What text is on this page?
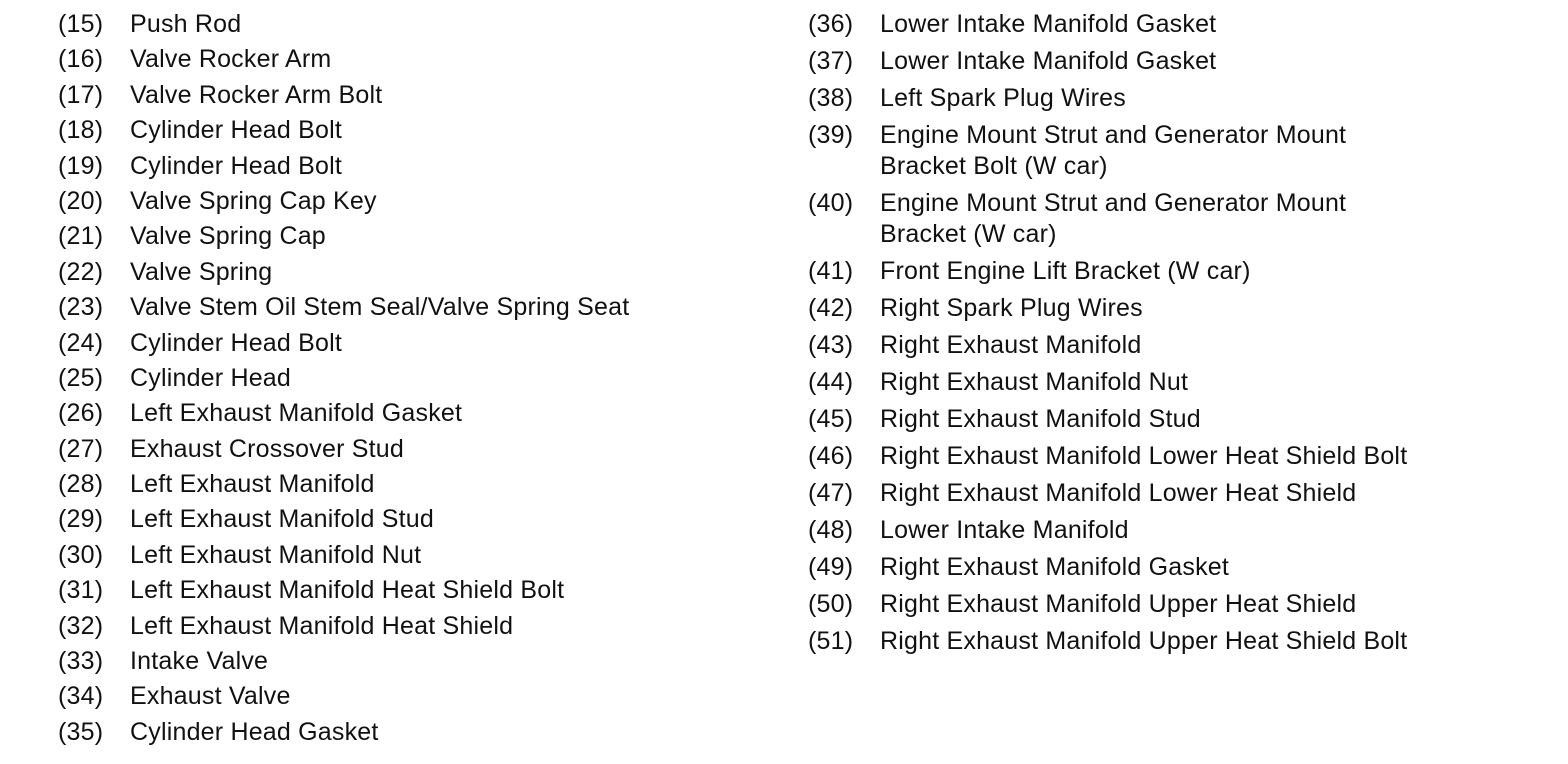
(15)	Push Rod
(16)	Valve Rocker Arm
(17)	Valve Rocker Arm Bolt
(18)	Cylinder Head Bolt
(19)	Cylinder Head Bolt
(20)	Valve Spring Cap Key
(21)	Valve Spring Cap
(22)	Valve Spring
(23)	Valve Stem Oil Stem Seal/Valve Spring Seat
(24)	Cylinder Head Bolt
(25)	Cylinder Head
(26)	Left Exhaust Manifold Gasket
(27)	Exhaust Crossover Stud
(28)	Left Exhaust Manifold
(29)	Left Exhaust Manifold Stud
(30)	Left Exhaust Manifold Nut
(31)	Left Exhaust Manifold Heat Shield Bolt
(32)	Left Exhaust Manifold Heat Shield
(33)	Intake Valve
(34)	Exhaust Valve
(35)	Cylinder Head Gasket
(36)	Lower Intake Manifold Gasket
(37)	Lower Intake Manifold Gasket
(38)	Left Spark Plug Wires
(39)	Engine Mount Strut and Generator Mount Bracket Bolt (W car)
(40)	Engine Mount Strut and Generator Mount Bracket (W car)
(41)	Front Engine Lift Bracket (W car)
(42)	Right Spark Plug Wires
(43)	Right Exhaust Manifold
(44)	Right Exhaust Manifold Nut
(45)	Right Exhaust Manifold Stud
(46)	Right Exhaust Manifold Lower Heat Shield Bolt
(47)	Right Exhaust Manifold Lower Heat Shield
(48)	Lower Intake Manifold
(49)	Right Exhaust Manifold Gasket
(50)	Right Exhaust Manifold Upper Heat Shield
(51)	Right Exhaust Manifold Upper Heat Shield Bolt
